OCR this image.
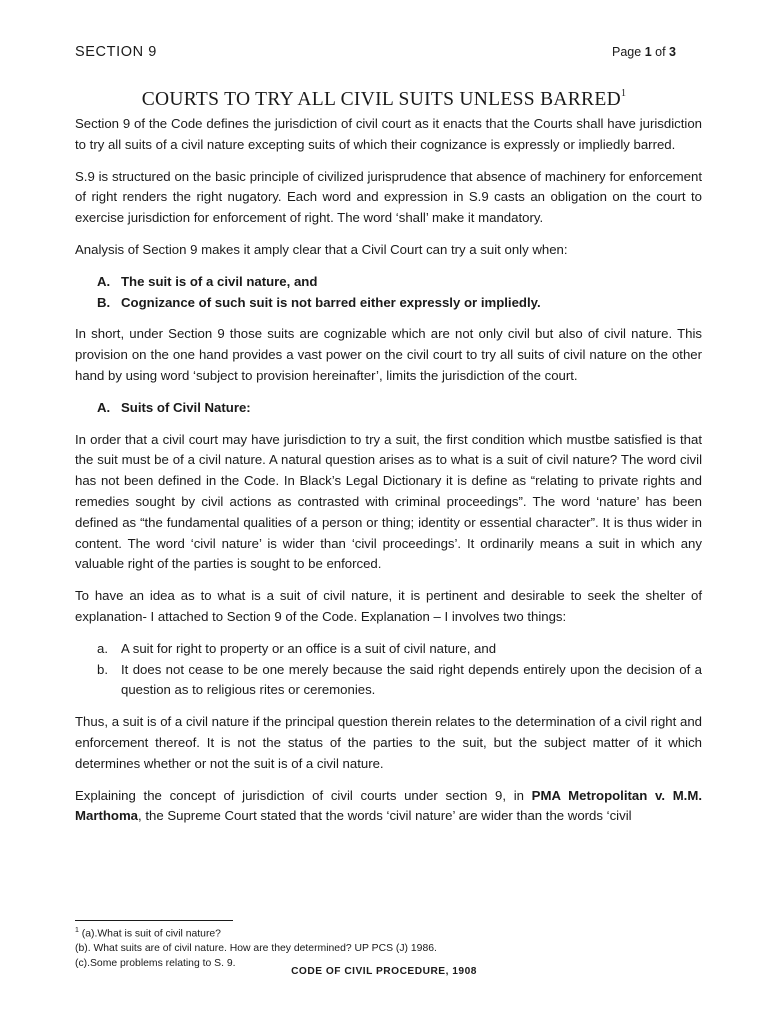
SECTION 9	Page 1 of 3
COURTS TO TRY ALL CIVIL SUITS UNLESS BARRED$^1$

Section 9 of the Code defines the jurisdiction of civil court as it enacts that the Courts shall have jurisdiction to try all suits of a civil nature excepting suits of which their cognizance is expressly or impliedly barred.

S.9 is structured on the basic principle of civilized jurisprudence that absence of machinery for enforcement of right renders the right nugatory. Each word and expression in S.9 casts an obligation on the court to exercise jurisdiction for enforcement of right. The word ‘shall’ make it mandatory.

Analysis of Section 9 makes it amply clear that a Civil Court can try a suit only when:

A. The suit is of a civil nature, and
B. Cognizance of such suit is not barred either expressly or impliedly.

In short, under Section 9 those suits are cognizable which are not only civil but also of civil nature. This provision on the one hand provides a vast power on the civil court to try all suits of civil nature on the other hand by using word ‘subject to provision hereinafter’, limits the jurisdiction of the court.

A. Suits of Civil Nature:

In order that a civil court may have jurisdiction to try a suit, the first condition which mustbe satisfied is that the suit must be of a civil nature. A natural question arises as to what is a suit of civil nature? The word civil has not been defined in the Code. In Black’s Legal Dictionary it is define as “relating to private rights and remedies sought by civil actions as contrasted with criminal proceedings”. The word ‘nature’ has been defined as “the fundamental qualities of a person or thing; identity or essential character”. It is thus wider in content. The word ‘civil nature’ is wider than ‘civil proceedings’. It ordinarily means a suit in which any valuable right of the parties is sought to be enforced.

To have an idea as to what is a suit of civil nature, it is pertinent and desirable to seek the shelter of explanation- I attached to Section 9 of the Code. Explanation – I involves two things:

a. A suit for right to property or an office is a suit of civil nature, and
b. It does not cease to be one merely because the said right depends entirely upon the decision of a question as to religious rites or ceremonies.

Thus, a suit is of a civil nature if the principal question therein relates to the determination of a civil right and enforcement thereof. It is not the status of the parties to the suit, but the subject matter of it which determines whether or not the suit is of a civil nature.

Explaining the concept of jurisdiction of civil courts under section 9, in PMA Metropolitan v. M.M. Marthoma, the Supreme Court stated that the words ‘civil nature’ are wider than the words ‘civil

$^1$ (a).What is suit of civil nature?
(b). What suits are of civil nature. How are they determined? UP PCS (J) 1986.
(c).Some problems relating to S. 9.
CODE OF CIVIL PROCEDURE, 1908
